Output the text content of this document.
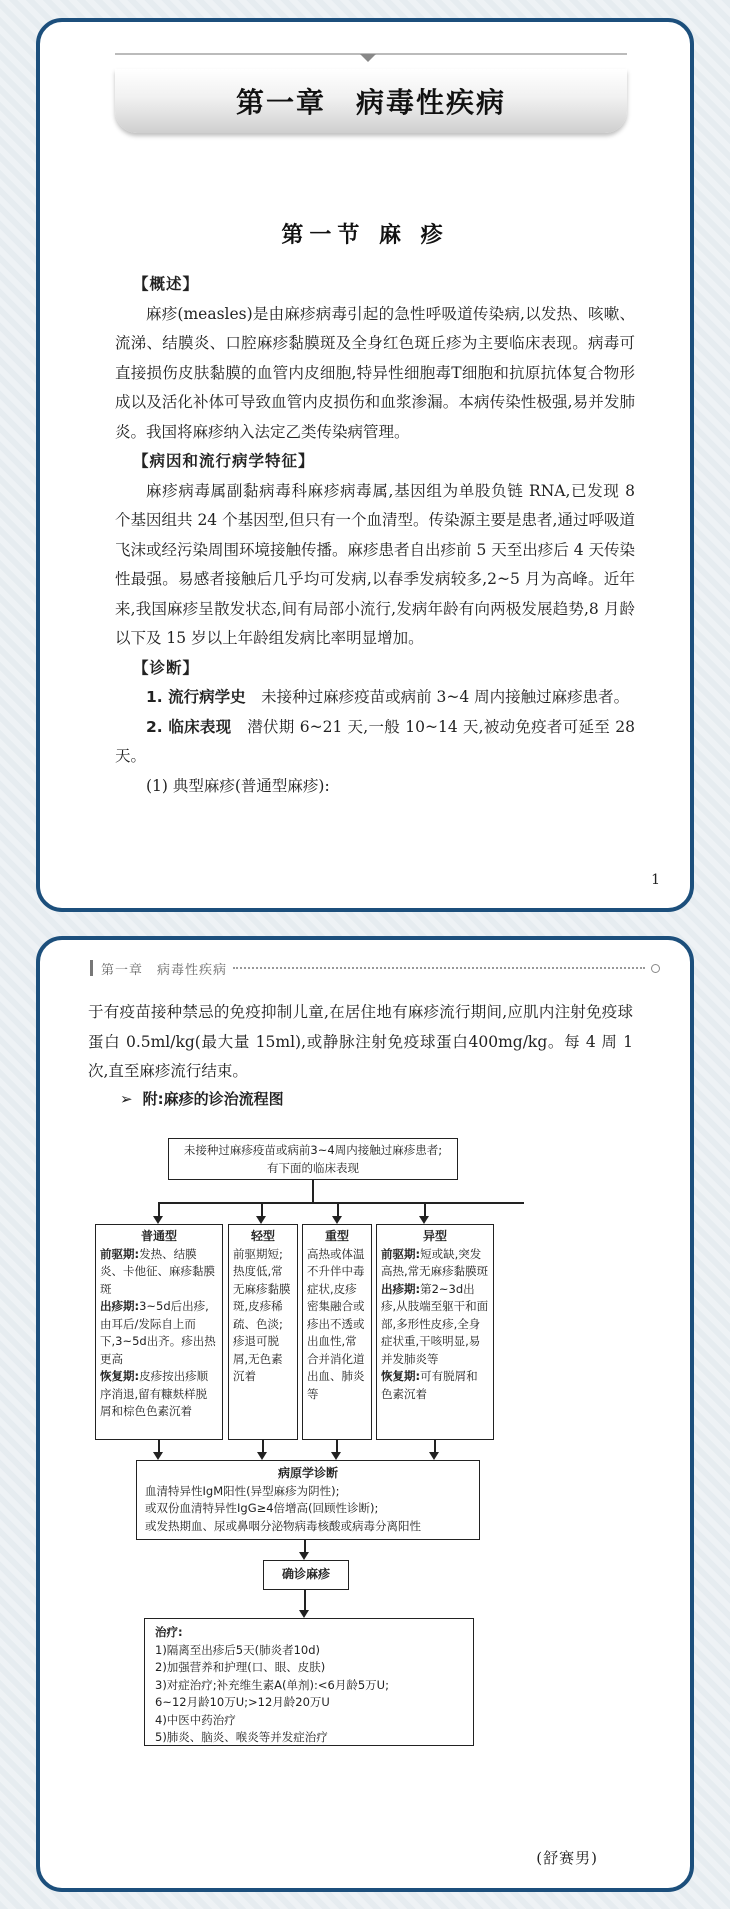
第一章　病毒性疾病
第一节 麻 疹

【概述】

麻疹(measles)是由麻疹病毒引起的急性呼吸道传染病,以发热、咳嗽、流涕、结膜炎、口腔麻疹黏膜斑及全身红色斑丘疹为主要临床表现。病毒可直接损伤皮肤黏膜的血管内皮细胞,特异性细胞毒T细胞和抗原抗体复合物形成以及活化补体可导致血管内皮损伤和血浆渗漏。本病传染性极强,易并发肺炎。我国将麻疹纳入法定乙类传染病管理。

【病因和流行病学特征】

麻疹病毒属副黏病毒科麻疹病毒属,基因组为单股负链 RNA,已发现 8 个基因组共 24 个基因型,但只有一个血清型。传染源主要是患者,通过呼吸道飞沫或经污染周围环境接触传播。麻疹患者自出疹前 5 天至出疹后 4 天传染性最强。易感者接触后几乎均可发病,以春季发病较多,2~5 月为高峰。近年来,我国麻疹呈散发状态,间有局部小流行,发病年龄有向两极发展趋势,8 月龄以下及 15 岁以上年龄组发病比率明显增加。

【诊断】

1. 流行病学史　 未接种过麻疹疫苗或病前 3~4 周内接触过麻疹患者。

2. 临床表现　 潜伏期 6~21 天,一般 10~14 天,被动免疫者可延至 28 天。

(1) 典型麻疹(普通型麻疹):

1
第一章　病毒性疾病

于有疫苗接种禁忌的免疫抑制儿童,在居住地有麻疹流行期间,应肌内注射免疫球蛋白 0.5ml/kg(最大量 15ml),或静脉注射免疫球蛋白400mg/kg。每 4 周 1 次,直至麻疹流行结束。

➢ 附:麻疹的诊治流程图
未接种过麻疹疫苗或病前3~4周内接触过麻疹患者;
有下面的临床表现
普通型
前驱期:发热、结膜炎、卡他征、麻疹黏膜斑
出疹期:3~5d后出疹,由耳后/发际自上而下,3~5d出齐。疹出热更高
恢复期:皮疹按出疹顺序消退,留有糠麸样脱屑和棕色色素沉着
轻型
前驱期短;热度低,常无麻疹黏膜斑,皮疹稀疏、色淡;疹退可脱屑,无色素沉着
重型
高热或体温不升伴中毒症状,皮疹密集融合或疹出不透或出血性,常合并消化道出血、肺炎等
异型
前驱期:短或缺,突发高热,常无麻疹黏膜斑
出疹期:第2~3d出疹,从肢端至躯干和面部,多形性皮疹,全身症状重,干咳明显,易并发肺炎等
恢复期:可有脱屑和色素沉着
病原学诊断
血清特异性IgM阳性(异型麻疹为阴性);
或双份血清特异性IgG≥4倍增高(回顾性诊断);
或发热期血、尿或鼻咽分泌物病毒核酸或病毒分离阳性
确诊麻疹
治疗:
1)隔离至出疹后5天(肺炎者10d)
2)加强营养和护理(口、眼、皮肤)
3)对症治疗;补充维生素A(单剂):<6月龄5万U;
6~12月龄10万U;>12月龄20万U
4)中医中药治疗
5)肺炎、脑炎、喉炎等并发症治疗
(舒赛男)
